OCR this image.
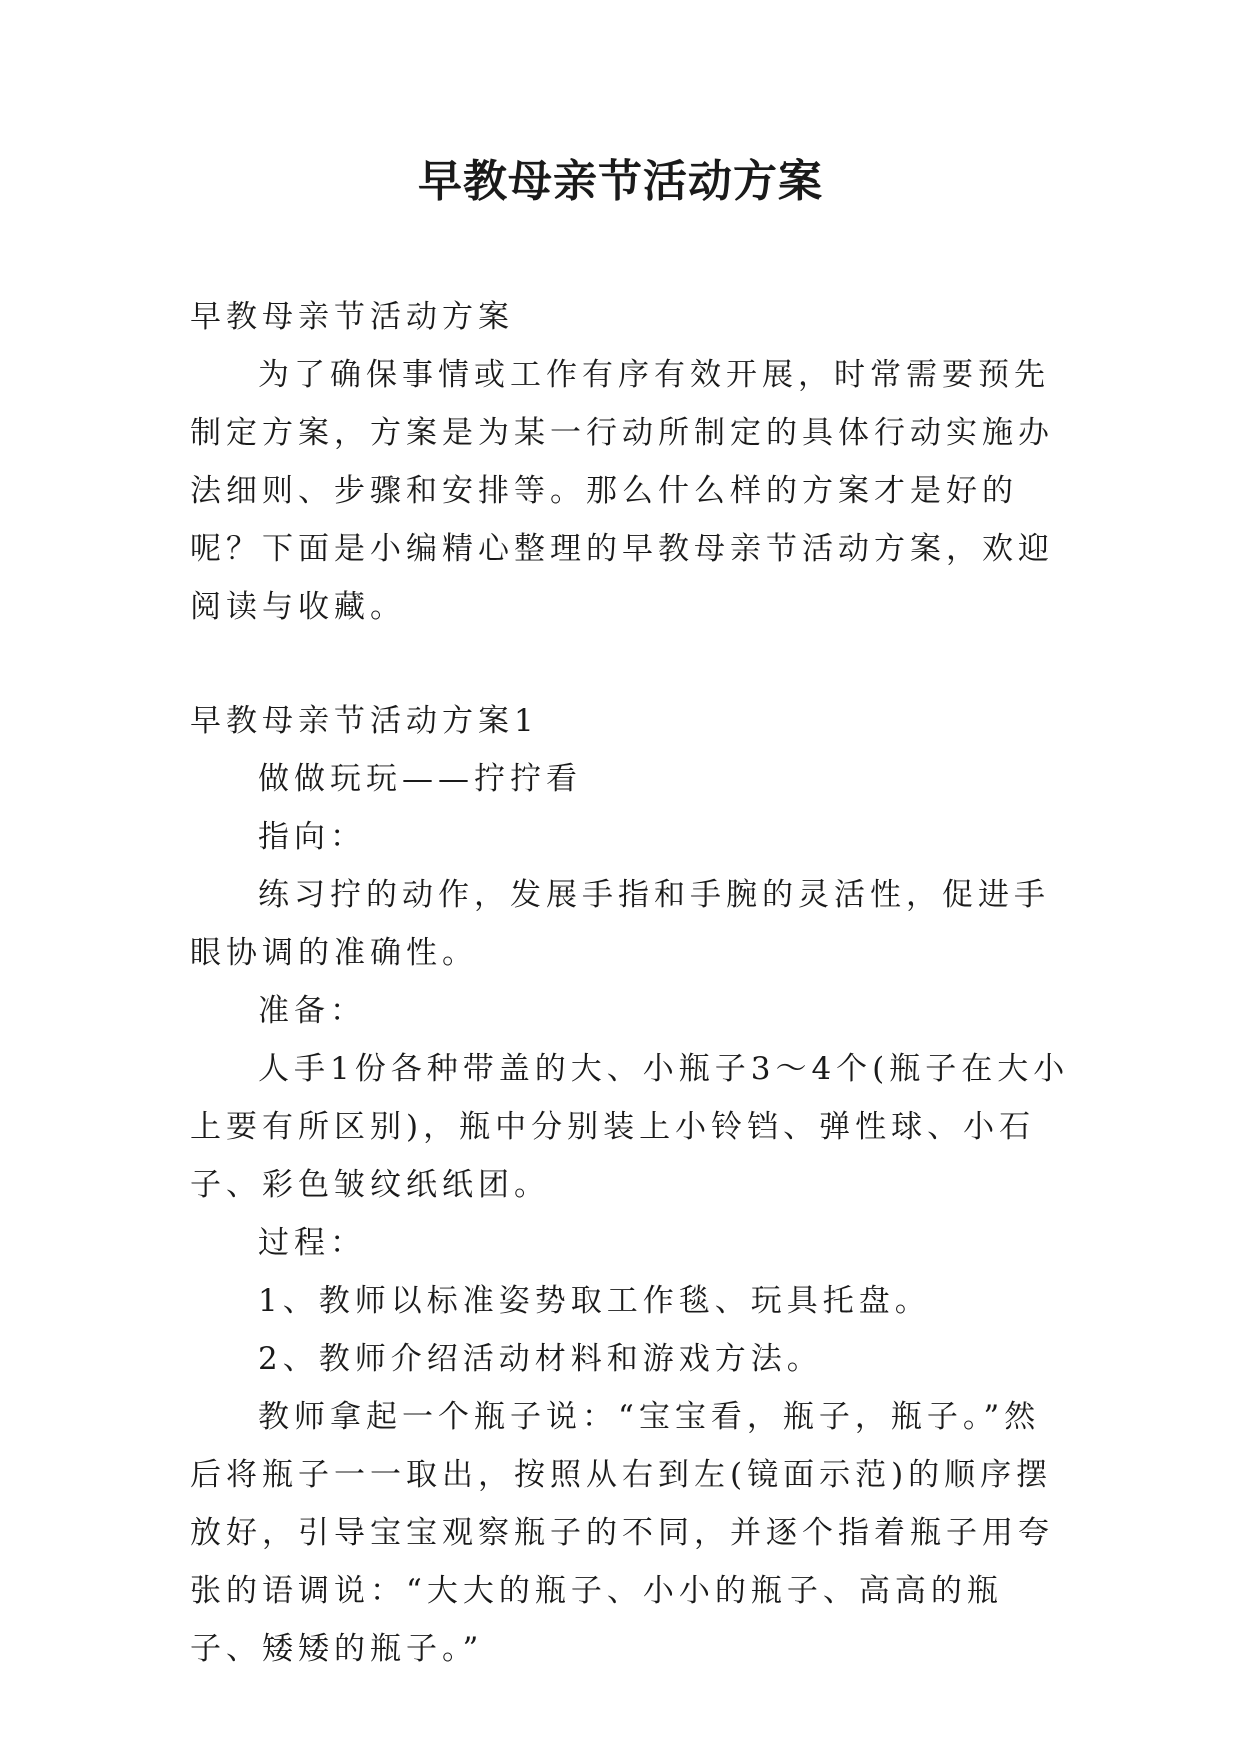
早教母亲节活动方案

早教母亲节活动方案

为了确保事情或工作有序有效开展，时常需要预先制定方案，方案是为某一行动所制定的具体行动实施办法细则、步骤和安排等。那么什么样的方案才是好的呢？下面是小编精心整理的早教母亲节活动方案，欢迎阅读与收藏。

早教母亲节活动方案1

做做玩玩——拧拧看

指向：

练习拧的动作，发展手指和手腕的灵活性，促进手眼协调的准确性。

准备：

人手1份各种带盖的大、小瓶子3～4个(瓶子在大小上要有所区别)，瓶中分别装上小铃铛、弹性球、小石子、彩色皱纹纸纸团。

过程：

1、教师以标准姿势取工作毯、玩具托盘。

2、教师介绍活动材料和游戏方法。

教师拿起一个瓶子说：“宝宝看，瓶子，瓶子。”然后将瓶子一一取出，按照从右到左(镜面示范)的顺序摆放好，引导宝宝观察瓶子的不同，并逐个指着瓶子用夸张的语调说：“大大的瓶子、小小的瓶子、高高的瓶子、矮矮的瓶子。”
